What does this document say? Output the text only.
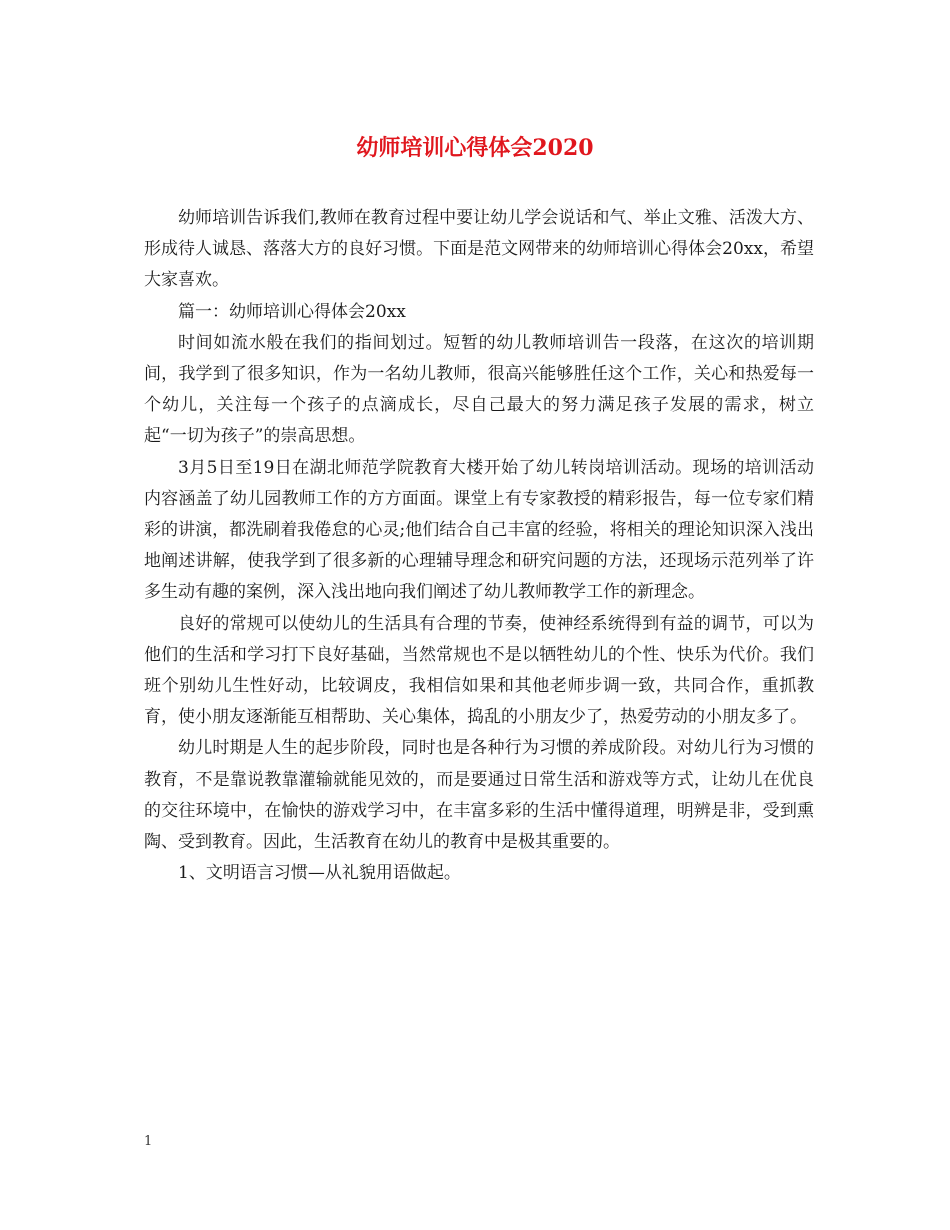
幼师培训心得体会2020

幼师培训告诉我们,教师在教育过程中要让幼儿学会说话和气、举止文雅、活泼大方、形成待人诚恳、落落大方的良好习惯。下面是范文网带来的幼师培训心得体会20xx，希望大家喜欢。

篇一：幼师培训心得体会20xx

时间如流水般在我们的指间划过。短暂的幼儿教师培训告一段落，在这次的培训期间，我学到了很多知识，作为一名幼儿教师，很高兴能够胜任这个工作，关心和热爱每一个幼儿，关注每一个孩子的点滴成长，尽自己最大的努力满足孩子发展的需求，树立起“一切为孩子”的崇高思想。

3月5日至19日在湖北师范学院教育大楼开始了幼儿转岗培训活动。现场的培训活动内容涵盖了幼儿园教师工作的方方面面。课堂上有专家教授的精彩报告，每一位专家们精彩的讲演，都洗刷着我倦怠的心灵;他们结合自己丰富的经验，将相关的理论知识深入浅出地阐述讲解，使我学到了很多新的心理辅导理念和研究问题的方法，还现场示范列举了许多生动有趣的案例，深入浅出地向我们阐述了幼儿教师教学工作的新理念。

良好的常规可以使幼儿的生活具有合理的节奏，使神经系统得到有益的调节，可以为他们的生活和学习打下良好基础，当然常规也不是以牺牲幼儿的个性、快乐为代价。我们班个别幼儿生性好动，比较调皮，我相信如果和其他老师步调一致，共同合作，重抓教育，使小朋友逐渐能互相帮助、关心集体，捣乱的小朋友少了，热爱劳动的小朋友多了。

幼儿时期是人生的起步阶段，同时也是各种行为习惯的养成阶段。对幼儿行为习惯的教育，不是靠说教靠灌输就能见效的，而是要通过日常生活和游戏等方式，让幼儿在优良的交往环境中，在愉快的游戏学习中，在丰富多彩的生活中懂得道理，明辨是非，受到熏陶、受到教育。因此，生活教育在幼儿的教育中是极其重要的。

1、文明语言习惯—从礼貌用语做起。

1
